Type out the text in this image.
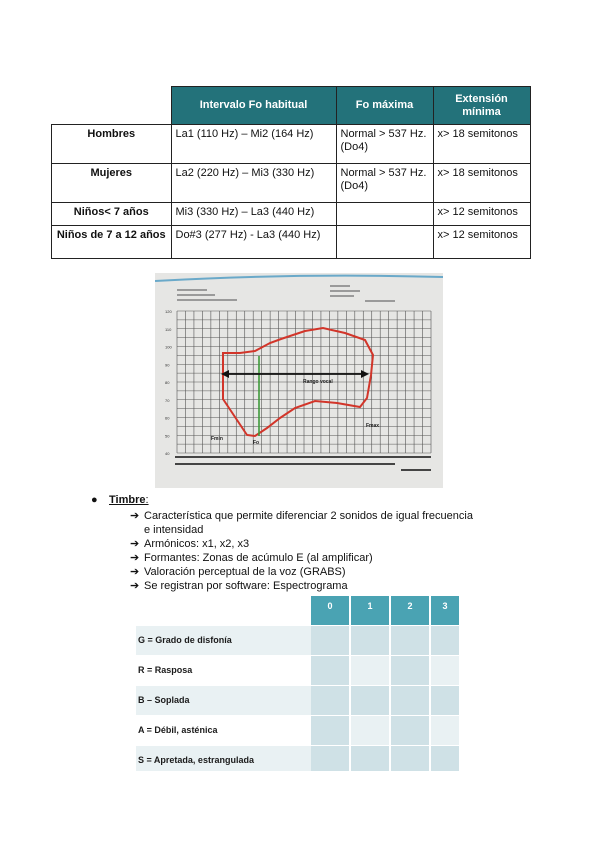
	Intervalo Fo habitual	Fo máxima	Extensión mínima
Hombres	La1 (110 Hz) – Mi2 (164 Hz)	Normal > 537 Hz. (Do4)	x> 18 semitonos
Mujeres	La2 (220 Hz) – Mi3 (330 Hz)	Normal > 537 Hz. (Do4)	x> 18 semitonos
Niños< 7 años	Mi3 (330 Hz) – La3 (440 Hz)		x> 12 semitonos
Niños de 7 a 12 años	Do#3 (277 Hz) - La3 (440 Hz)		x> 12 semitonos
120
110
100
90
80
70
60
50
40
Rango vocal
Fmin
Fmax
Fo
● Timbre:
➔ Característica que permite diferenciar 2 sonidos de igual frecuencia e intensidad
➔ Armónicos: x1, x2, x3
➔ Formantes: Zonas de acúmulo E (al amplificar)
➔ Valoración perceptual de la voz (GRABS)
➔ Se registran por software: Espectrograma
0	1	2	3
G = Grado de disfonía
R = Rasposa
B – Soplada
A = Débil, asténica
S = Apretada, estrangulada
